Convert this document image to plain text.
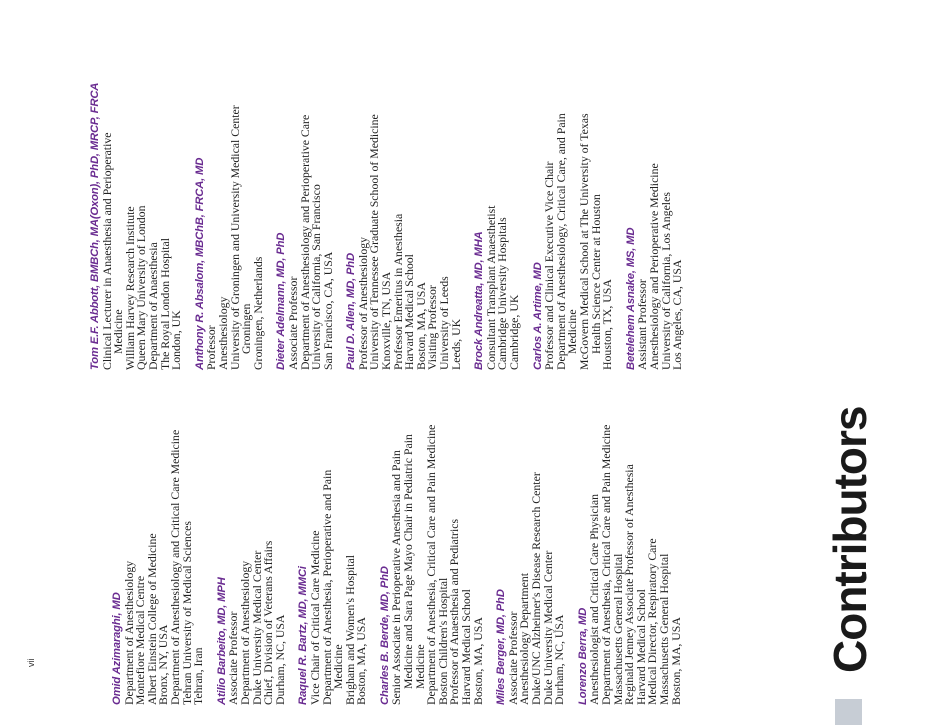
Contributors
Tom E.F. Abbott, BMBCh, MA(Oxon), PhD, MRCP, FRCA
Clinical Lecturer in Anaesthesia and Perioperative
Medicine
William Harvey Research Institute
Queen Mary University of London
Department of Anaesthesia
The Royal London Hospital
London, UK Anthony R. Absalom, MBChB, FRCA, MD
Professor
Anesthesiology
University of Groningen and University Medical Center
Groningen
Groningen, Netherlands Dieter Adelmann, MD, PhD
Associate Professor
Department of Anesthesiology and Perioperative Care
University of California, San Francisco
San Francisco, CA, USA Paul D. Allen, MD, PhD
Professor of Anesthesiology
University of Tennessee Graduate School of Medicine
Knoxville, TN, USA
Professor Emeritus in Anesthesia
Harvard Medical School
Boston, MA, USA
Visiting Professor
University of Leeds
Leeds, UK Brock Andreatta, MD, MHA
Consultant Transplant Anaesthetist
Cambridge University Hospitals
Cambridge, UK Carlos A. Artime, MD
Professor and Clinical Executive Vice Chair
Department of Anesthesiology, Critical Care, and Pain
Medicine
McGovern Medical School at The University of Texas
Health Science Center at Houston
Houston, TX, USA Betelehem Asnake, MS, MD
Assistant Professor
Anesthesiology and Perioperative Medicine
University of California, Los Angeles
Los Angeles, CA, USA
Omid Azimaraghi, MD
Department of Anesthesiology
Montefiore Medical Centre
Albert Einstein College of Medicine
Bronx, NY, USA
Department of Anesthesiology and Critical Care Medicine
Tehran University of Medical Sciences
Tehran, Iran Atilio Barbeito, MD, MPH
Associate Professor
Department of Anesthesiology
Duke University Medical Center
Chief, Division of Veterans Affairs
Durham, NC, USA Raquel R. Bartz, MD, MMCi
Vice Chair of Critical Care Medicine
Department of Anesthesia, Perioperative and Pain
Medicine
Brigham and Women's Hospital
Boston, MA, USA Charles B. Berde, MD, PhD
Senior Associate in Perioperative Anesthesia and Pain
Medicine and Sara Page Mayo Chair in Pediatric Pain
Medicine
Department of Anesthesia, Critical Care and Pain Medicine
Boston Children's Hospital
Professor of Anaesthesia and Pediatrics
Harvard Medical School
Boston, MA, USA Miles Berger, MD, PhD
Associate Professor
Anesthesiology Department
Duke/UNC Alzheimer's Disease Research Center
Duke University Medical Center
Durham, NC, USA Lorenzo Berra, MD
Anesthesiologist and Critical Care Physician
Department of Anesthesia, Critical Care and Pain Medicine
Massachusetts General Hospital
Reginald Jenney Associate Professor of Anesthesia
Harvard Medical School
Medical Director, Respiratory Care
Massachusetts General Hospital
Boston, MA, USA
vii
